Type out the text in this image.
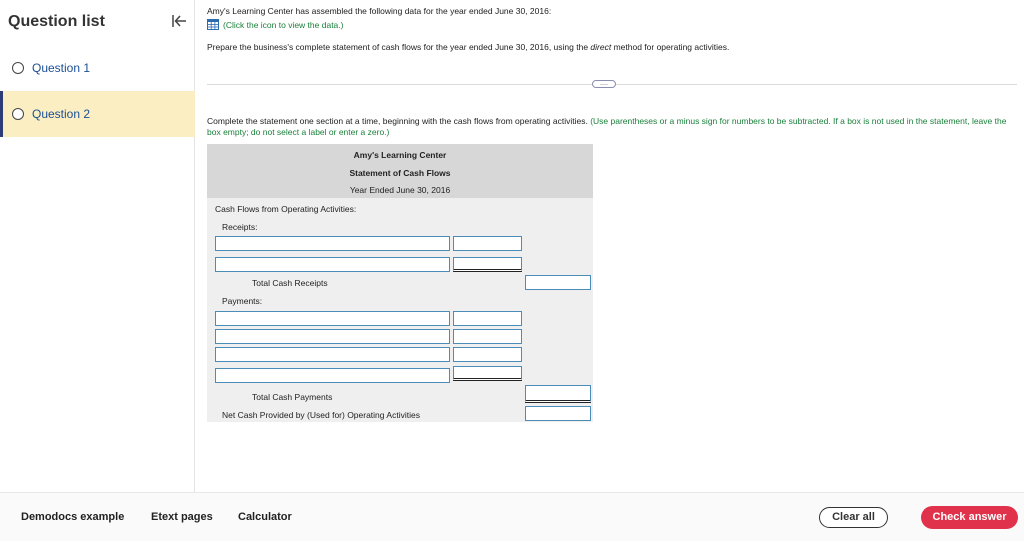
Question list
Question 1
Question 2
Amy's Learning Center has assembled the following data for the year ended June 30, 2016:
(Click the icon to view the data.)
Prepare the business's complete statement of cash flows for the year ended June 30, 2016, using the direct method for operating activities.
....
Complete the statement one section at a time, beginning with the cash flows from operating activities. (Use parentheses or a minus sign for numbers to be subtracted. If a box is not used in the statement, leave the box empty; do not select a label or enter a zero.)
Amy's Learning Center
Statement of Cash Flows
Year Ended June 30, 2016
Cash Flows from Operating Activities:
Receipts:
Total Cash Receipts
Payments:
Total Cash Payments
Net Cash Provided by (Used for) Operating Activities
Demodocs example Etext pages Calculator	Clear all	Check answer
